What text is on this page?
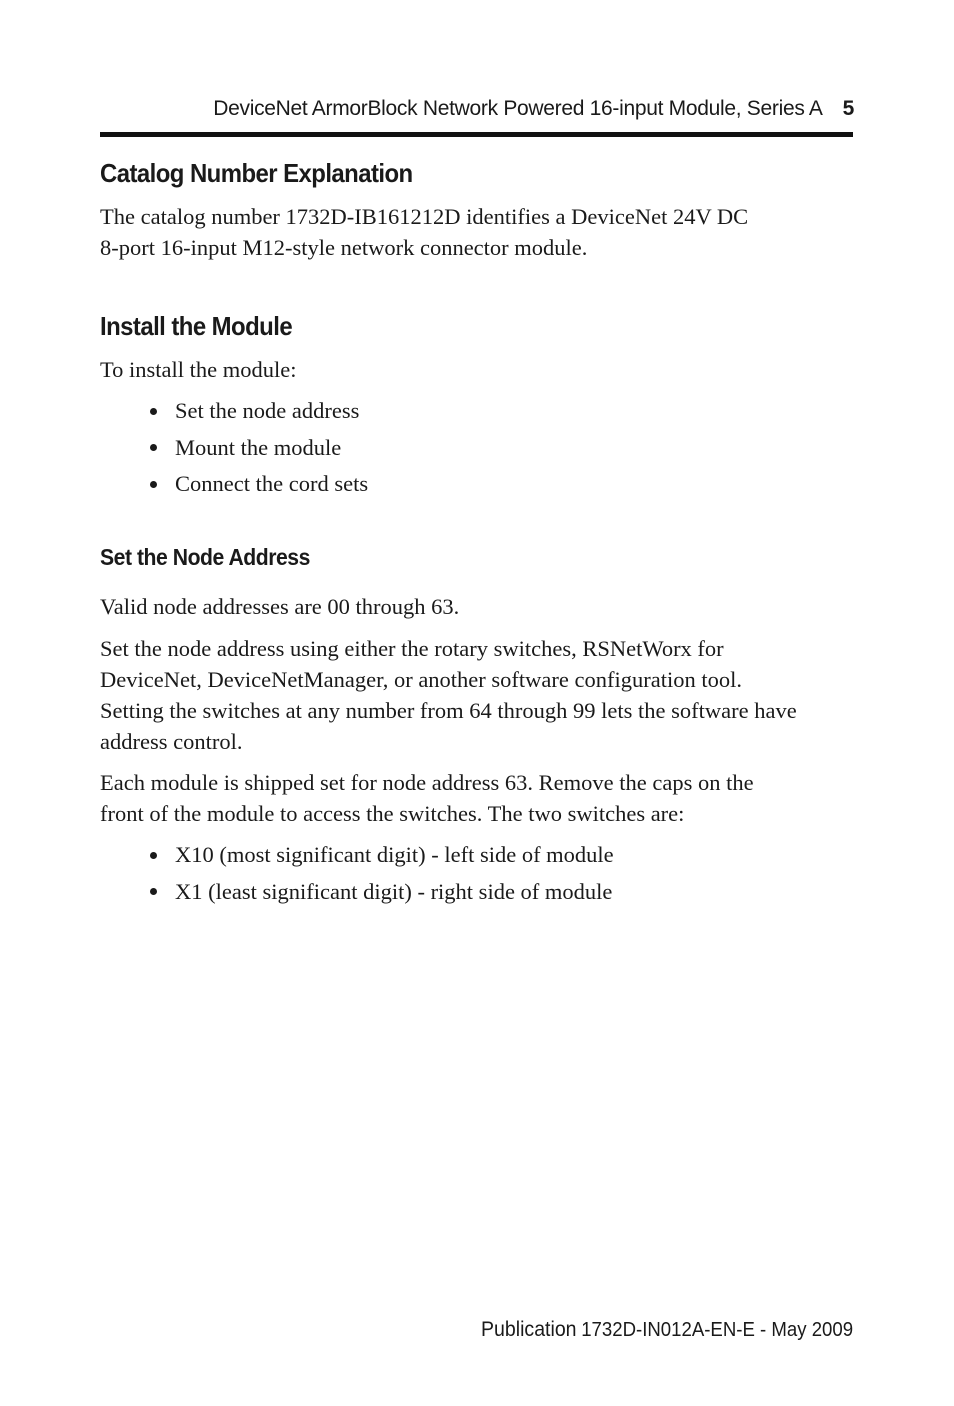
DeviceNet ArmorBlock Network Powered 16-input Module, Series A 5
Catalog Number Explanation

The catalog number 1732D-IB161212D identifies a DeviceNet 24V DC
8-port 16-input M12-style network connector module.

Install the Module

To install the module:

Set the node address
Mount the module
Connect the cord sets
Set the Node Address

Valid node addresses are 00 through 63.

Set the node address using either the rotary switches, RSNetWorx for
DeviceNet, DeviceNetManager, or another software configuration tool.
Setting the switches at any number from 64 through 99 lets the software have
address control.

Each module is shipped set for node address 63. Remove the caps on the
front of the module to access the switches. The two switches are:

X10 (most significant digit) - left side of module
X1 (least significant digit) - right side of module
Publication 1732D-IN012A-EN-E - May 2009
